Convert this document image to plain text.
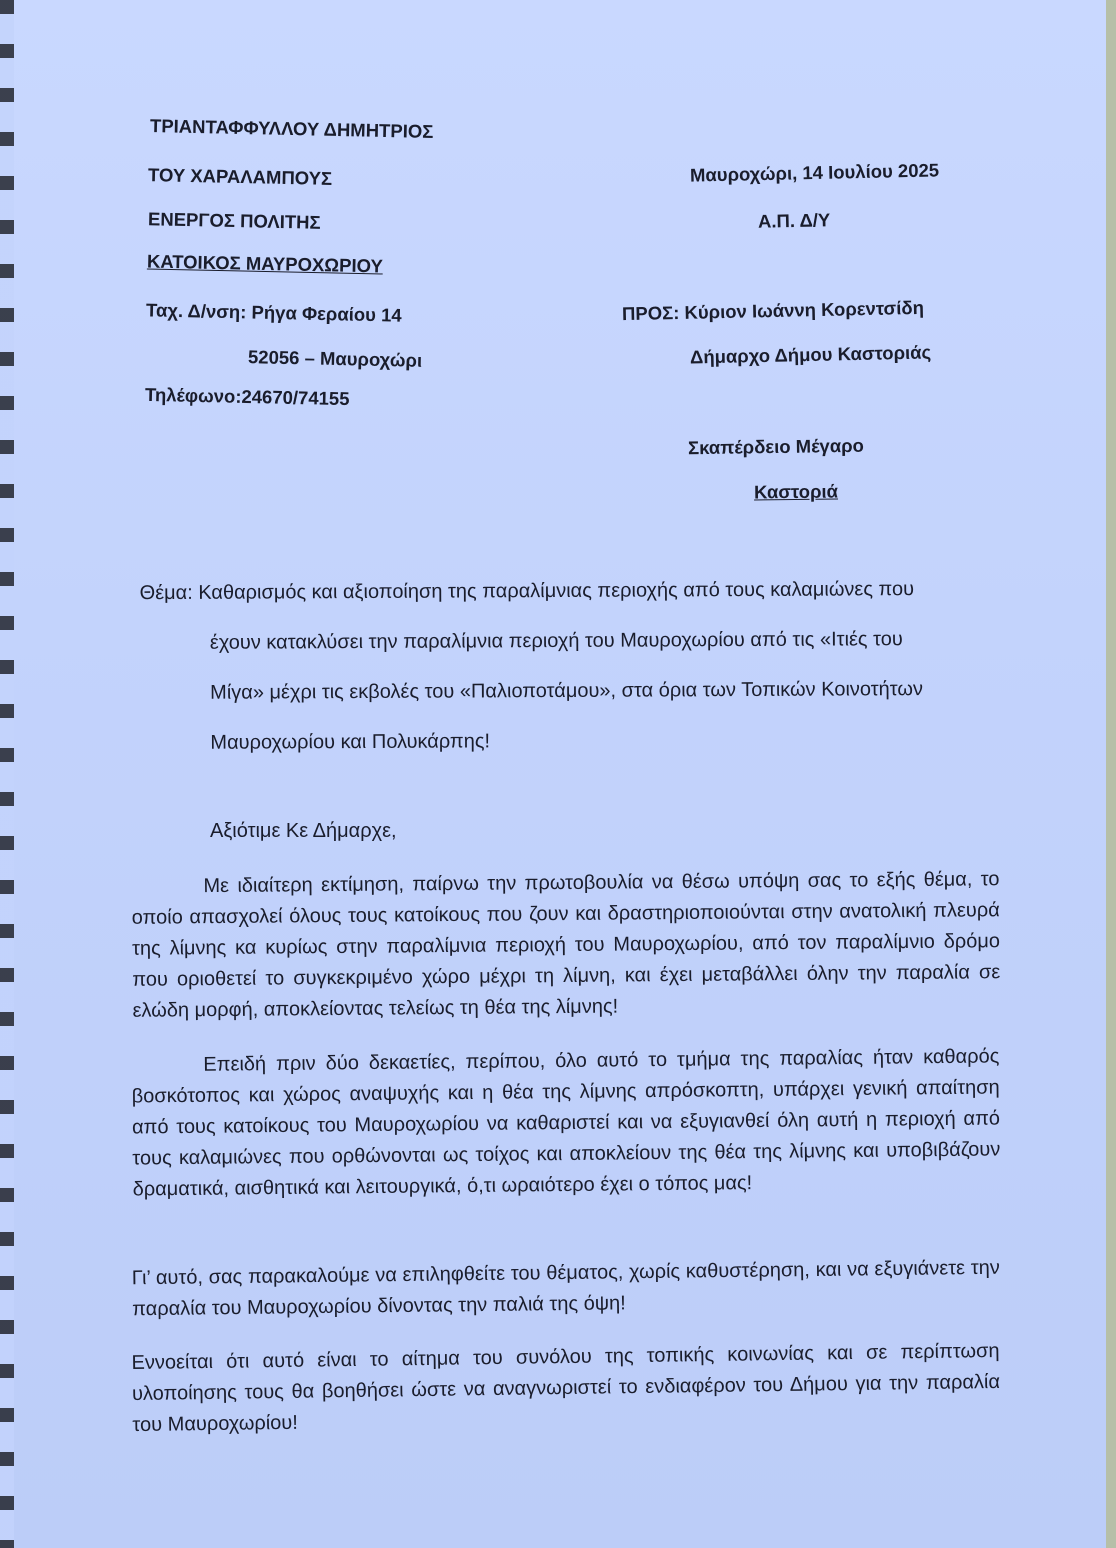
ΤΡΙΑΝΤΑΦΦΥΛΛΟΥ ΔΗΜΗΤΡΙΟΣ
ΤΟΥ ΧΑΡΑΛΑΜΠΟΥΣ
ΕΝΕΡΓΟΣ ΠΟΛΙΤΗΣ
ΚΑΤΟΙΚΟΣ ΜΑΥΡΟΧΩΡΙΟΥ
Ταχ. Δ/νση: Ρήγα Φεραίου 14
52056 – Μαυροχώρι
Τηλέφωνο:24670/74155
Μαυροχώρι, 14 Ιουλίου 2025
Α.Π. Δ/Υ
ΠΡΟΣ: Κύριον Ιωάννη Κορεντσίδη
Δήμαρχο Δήμου Καστοριάς
Σκαπέρδειο Μέγαρο
Καστοριά
Θέμα: Καθαρισμός και αξιοποίηση της παραλίμνιας περιοχής από τους καλαμιώνες που
έχουν κατακλύσει την παραλίμνια περιοχή του Μαυροχωρίου από τις «Ιτιές του
Μίγα» μέχρι τις εκβολές του «Παλιοποτάμου», στα όρια των Τοπικών Κοινοτήτων
Μαυροχωρίου και Πολυκάρπης!
Αξιότιμε Κε Δήμαρχε,
Με ιδιαίτερη εκτίμηση, παίρνω την πρωτοβουλία να θέσω υπόψη σας το εξής θέμα, το οποίο απασχολεί όλους τους κατοίκους που ζουν και δραστηριοποιούνται στην ανατολική πλευρά της λίμνης κα κυρίως στην παραλίμνια περιοχή του Μαυροχωρίου, από τον παραλίμνιο δρόμο που οριοθετεί το συγκεκριμένο χώρο μέχρι τη λίμνη, και έχει μεταβάλλει όλην την παραλία σε ελώδη μορφή, αποκλείοντας τελείως τη θέα της λίμνης!
Επειδή πριν δύο δεκαετίες, περίπου, όλο αυτό το τμήμα της παραλίας ήταν καθαρός βοσκότοπος και χώρος αναψυχής και η θέα της λίμνης απρόσκοπτη, υπάρχει γενική απαίτηση από τους κατοίκους του Μαυροχωρίου να καθαριστεί και να εξυγιανθεί όλη αυτή η περιοχή από τους καλαμιώνες που ορθώνονται ως τοίχος και αποκλείουν της θέα της λίμνης και υποβιβάζουν δραματικά, αισθητικά και λειτουργικά, ό,τι ωραιότερο έχει ο τόπος μας!
Γι’ αυτό, σας παρακαλούμε να επιληφθείτε του θέματος, χωρίς καθυστέρηση, και να εξυγιάνετε την παραλία του Μαυροχωρίου δίνοντας την παλιά της όψη!
Εννοείται ότι αυτό είναι το αίτημα του συνόλου της τοπικής κοινωνίας και σε περίπτωση υλοποίησης τους θα βοηθήσει ώστε να αναγνωριστεί το ενδιαφέρον του Δήμου για την παραλία του Μαυροχωρίου!
